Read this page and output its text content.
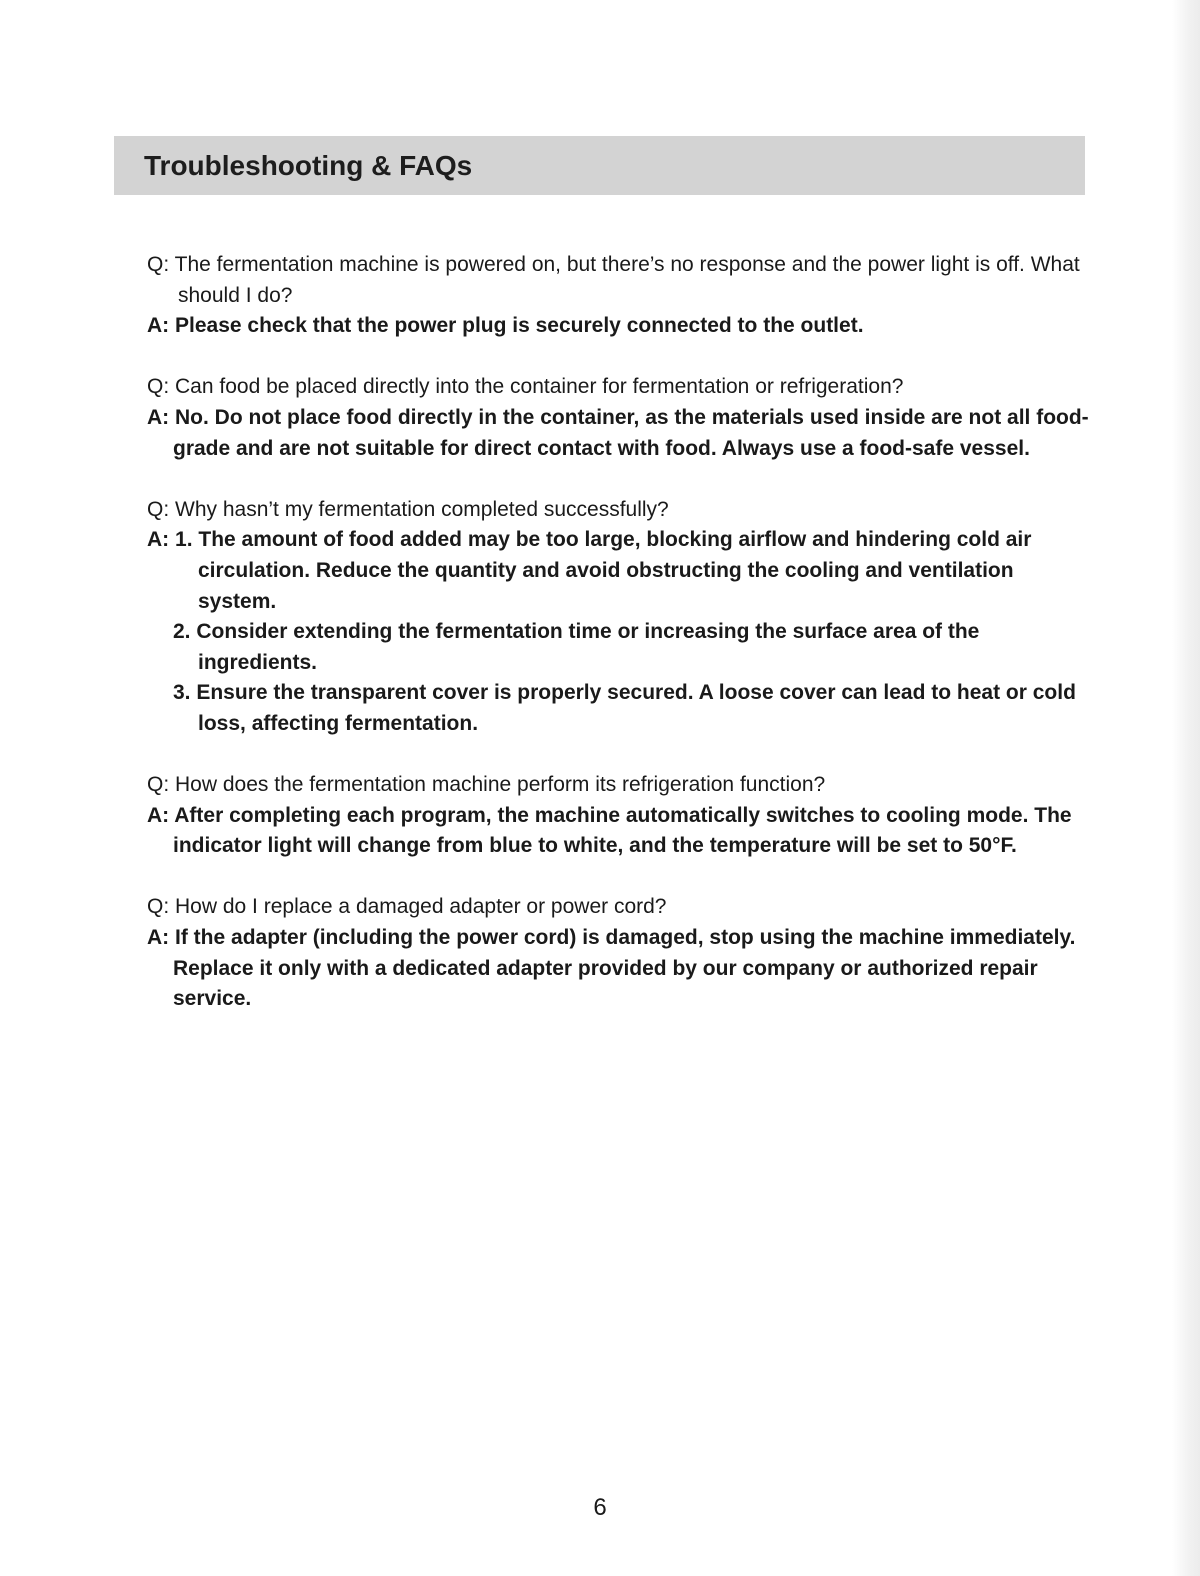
Troubleshooting & FAQs
Q: The fermentation machine is powered on, but there’s no response and the power light is off. What should I do?
A: Please check that the power plug is securely connected to the outlet.
Q: Can food be placed directly into the container for fermentation or refrigeration?
A: No. Do not place food directly in the container, as the materials used inside are not all food-grade and are not suitable for direct contact with food. Always use a food-safe vessel.
Q: Why hasn’t my fermentation completed successfully?
A: 1. The amount of food added may be too large, blocking airflow and hindering cold air circulation. Reduce the quantity and avoid obstructing the cooling and ventilation system.
2. Consider extending the fermentation time or increasing the surface area of the ingredients.
3. Ensure the transparent cover is properly secured. A loose cover can lead to heat or cold loss, affecting fermentation.
Q: How does the fermentation machine perform its refrigeration function?
A: After completing each program, the machine automatically switches to cooling mode. The indicator light will change from blue to white, and the temperature will be set to 50°F.
Q: How do I replace a damaged adapter or power cord?
A: If the adapter (including the power cord) is damaged, stop using the machine immediately. Replace it only with a dedicated adapter provided by our company or authorized repair service.
6
